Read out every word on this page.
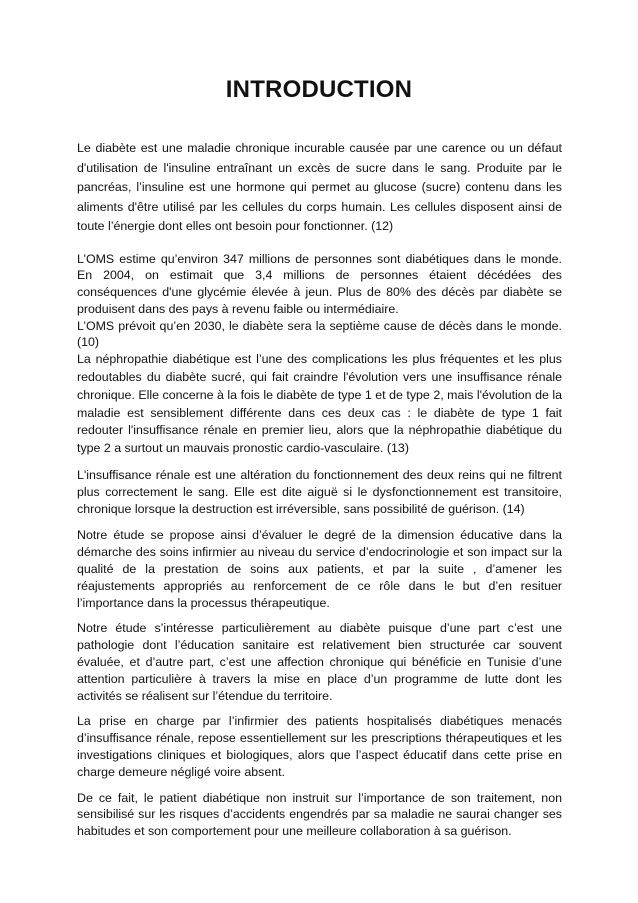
INTRODUCTION

Le diabète est une maladie chronique incurable causée par une carence ou un défaut d'utilisation de l'insuline entraînant un excès de sucre dans le sang. Produite par le pancréas, l’insuline est une hormone qui permet au glucose (sucre) contenu dans les aliments d'être utilisé par les cellules du corps humain. Les cellules disposent ainsi de toute l’énergie dont elles ont besoin pour fonctionner. (12)

L’OMS estime qu’environ 347 millions de personnes sont diabétiques dans le monde. En 2004, on estimait que 3,4 millions de personnes étaient décédées des conséquences d'une glycémie élevée à jeun. Plus de 80% des décès par diabète se produisent dans des pays à revenu faible ou intermédiaire.

L’OMS prévoit qu’en 2030, le diabète sera la septième cause de décès dans le monde. (10)

La néphropathie diabétique est l’une des complications les plus fréquentes et les plus redoutables du diabète sucré, qui fait craindre l'évolution vers une insuffisance rénale chronique. Elle concerne à la fois le diabète de type 1 et de type 2, mais l'évolution de la maladie est sensiblement différente dans ces deux cas : le diabète de type 1 fait redouter l'insuffisance rénale en premier lieu, alors que la néphropathie diabétique du type 2 a surtout un mauvais pronostic cardio-vasculaire. (13)

L'insuffisance rénale est une altération du fonctionnement des deux reins qui ne filtrent plus correctement le sang. Elle est dite aiguë si le dysfonctionnement est transitoire, chronique lorsque la destruction est irréversible, sans possibilité de guérison. (14)

Notre étude se propose ainsi d’évaluer le degré de la dimension éducative dans la démarche des soins infirmier au niveau du service d’endocrinologie et son impact sur la qualité de la prestation de soins aux patients, et par la suite , d’amener les réajustements appropriés au renforcement de ce rôle dans le but d’en resituer l’importance dans la processus thérapeutique.

Notre étude s’intéresse particulièrement au diabète puisque d’une part c’est une pathologie dont l’éducation sanitaire est relativement bien structurée car souvent évaluée, et d’autre part, c’est une affection chronique qui bénéficie en Tunisie d’une attention particulière à travers la mise en place d’un programme de lutte dont les activités se réalisent sur l’étendue du territoire.

La prise en charge par l’infirmier des patients hospitalisés diabétiques menacés d’insuffisance rénale, repose essentiellement sur les prescriptions thérapeutiques et les investigations cliniques et biologiques, alors que l’aspect éducatif dans cette prise en charge demeure négligé voire absent.

De ce fait, le patient diabétique non instruit sur l’importance de son traitement, non sensibilisé sur les risques d’accidents engendrés par sa maladie ne saurai changer ses habitudes et son comportement pour une meilleure collaboration à sa guérison.
